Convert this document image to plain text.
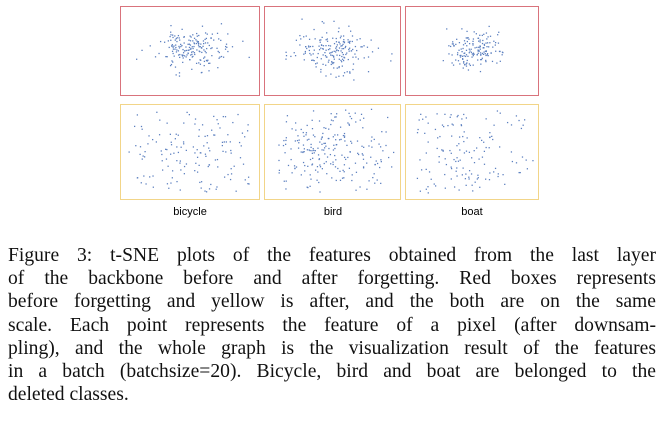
bicycle	bird	boat
Figure 3: t-SNE plots of the features obtained from the last layer
of the backbone before and after forgetting. Red boxes represents
before forgetting and yellow is after, and the both are on the same
scale. Each point represents the feature of a pixel (after downsam-
pling), and the whole graph is the visualization result of the features
in a batch (batchsize=20). Bicycle, bird and boat are belonged to the
deleted classes.
